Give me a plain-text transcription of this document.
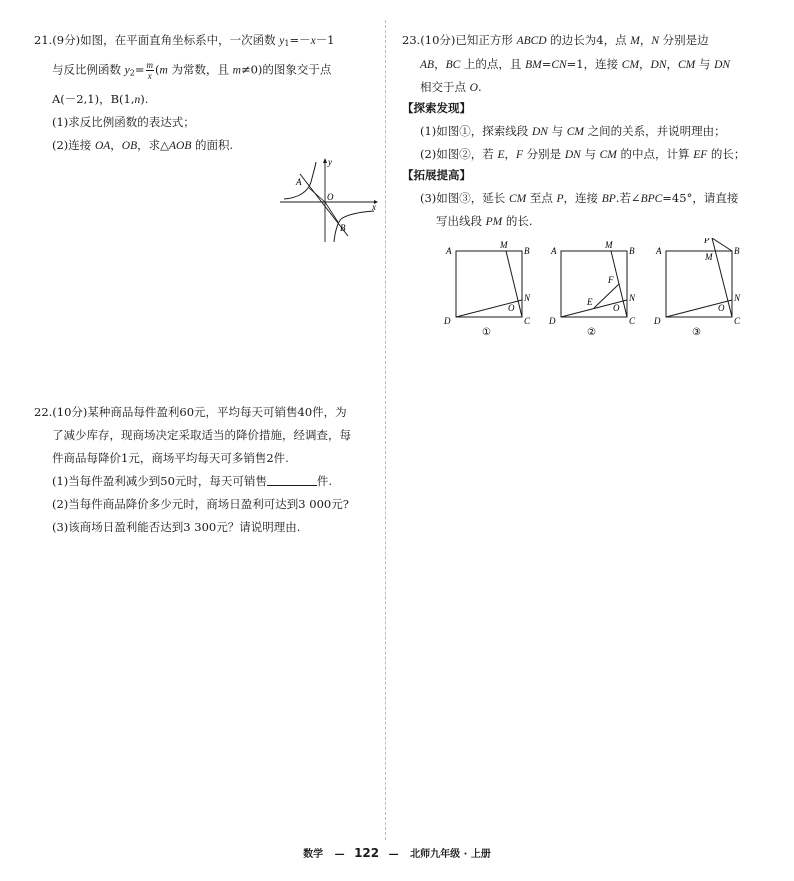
21.(9分)如图，在平面直角坐标系中，一次函数 $y_1=-x-1$
与反比例函数 $y_2= \frac{m}{x} (m$ 为常数，且 m≠0)的图象交于点
A(－2,1)，B(1,n).
(1)求反比例函数的表达式；
(2)连接 OA，OB，求△AOB 的面积.
y
x
A
O
B
22.(10分)某种商品每件盈利60元，平均每天可销售40件，为
了减少库存，现商场决定采取适当的降价措施，经调查，每
件商品每降价1元，商场平均每天可多销售2件.
(1)当每件盈利减少到50元时，每天可销售	件.
(2)当每件商品降价多少元时，商场日盈利可达到3 000元?
(3)该商场日盈利能否达到3 300元？请说明理由.
23.(10分)已知正方形 ABCD 的边长为4，点 M，N 分别是边
AB，BC 上的点，且 BM=CN=1，连接 CM，DN，CM 与 DN
相交于点 O.
【探索发现】
(1)如图①，探索线段 DN 与 CM 之间的关系，并说明理由；
(2)如图②，若 E，F 分别是 DN 与 CM 的中点，计算 EF 的长；
【拓展提高】
(3)如图③，延长 CM 至点 P，连接 BP.若∠BPC=45°，请直接
写出线段 PM 的长.
A	B
C
D
M
N
O
①
A	B
C
D
M
N
O
E
F
②
P
A	B
C
D
M
N
O
③
数学 — 122 — 北师九年级 · 上册
